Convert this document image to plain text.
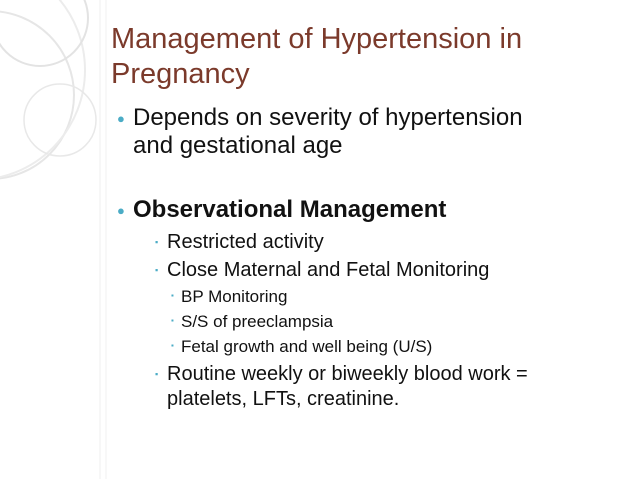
Management of Hypertension in Pregnancy
● Depends on severity of hypertension
and gestational age
● Observational Management
▪ Restricted activity
▪ Close Maternal and Fetal Monitoring
▪ BP Monitoring
▪ S/S of preeclampsia
▪ Fetal growth and well being (U/S)
▪ Routine weekly or biweekly blood work =
platelets, LFTs, creatinine.
